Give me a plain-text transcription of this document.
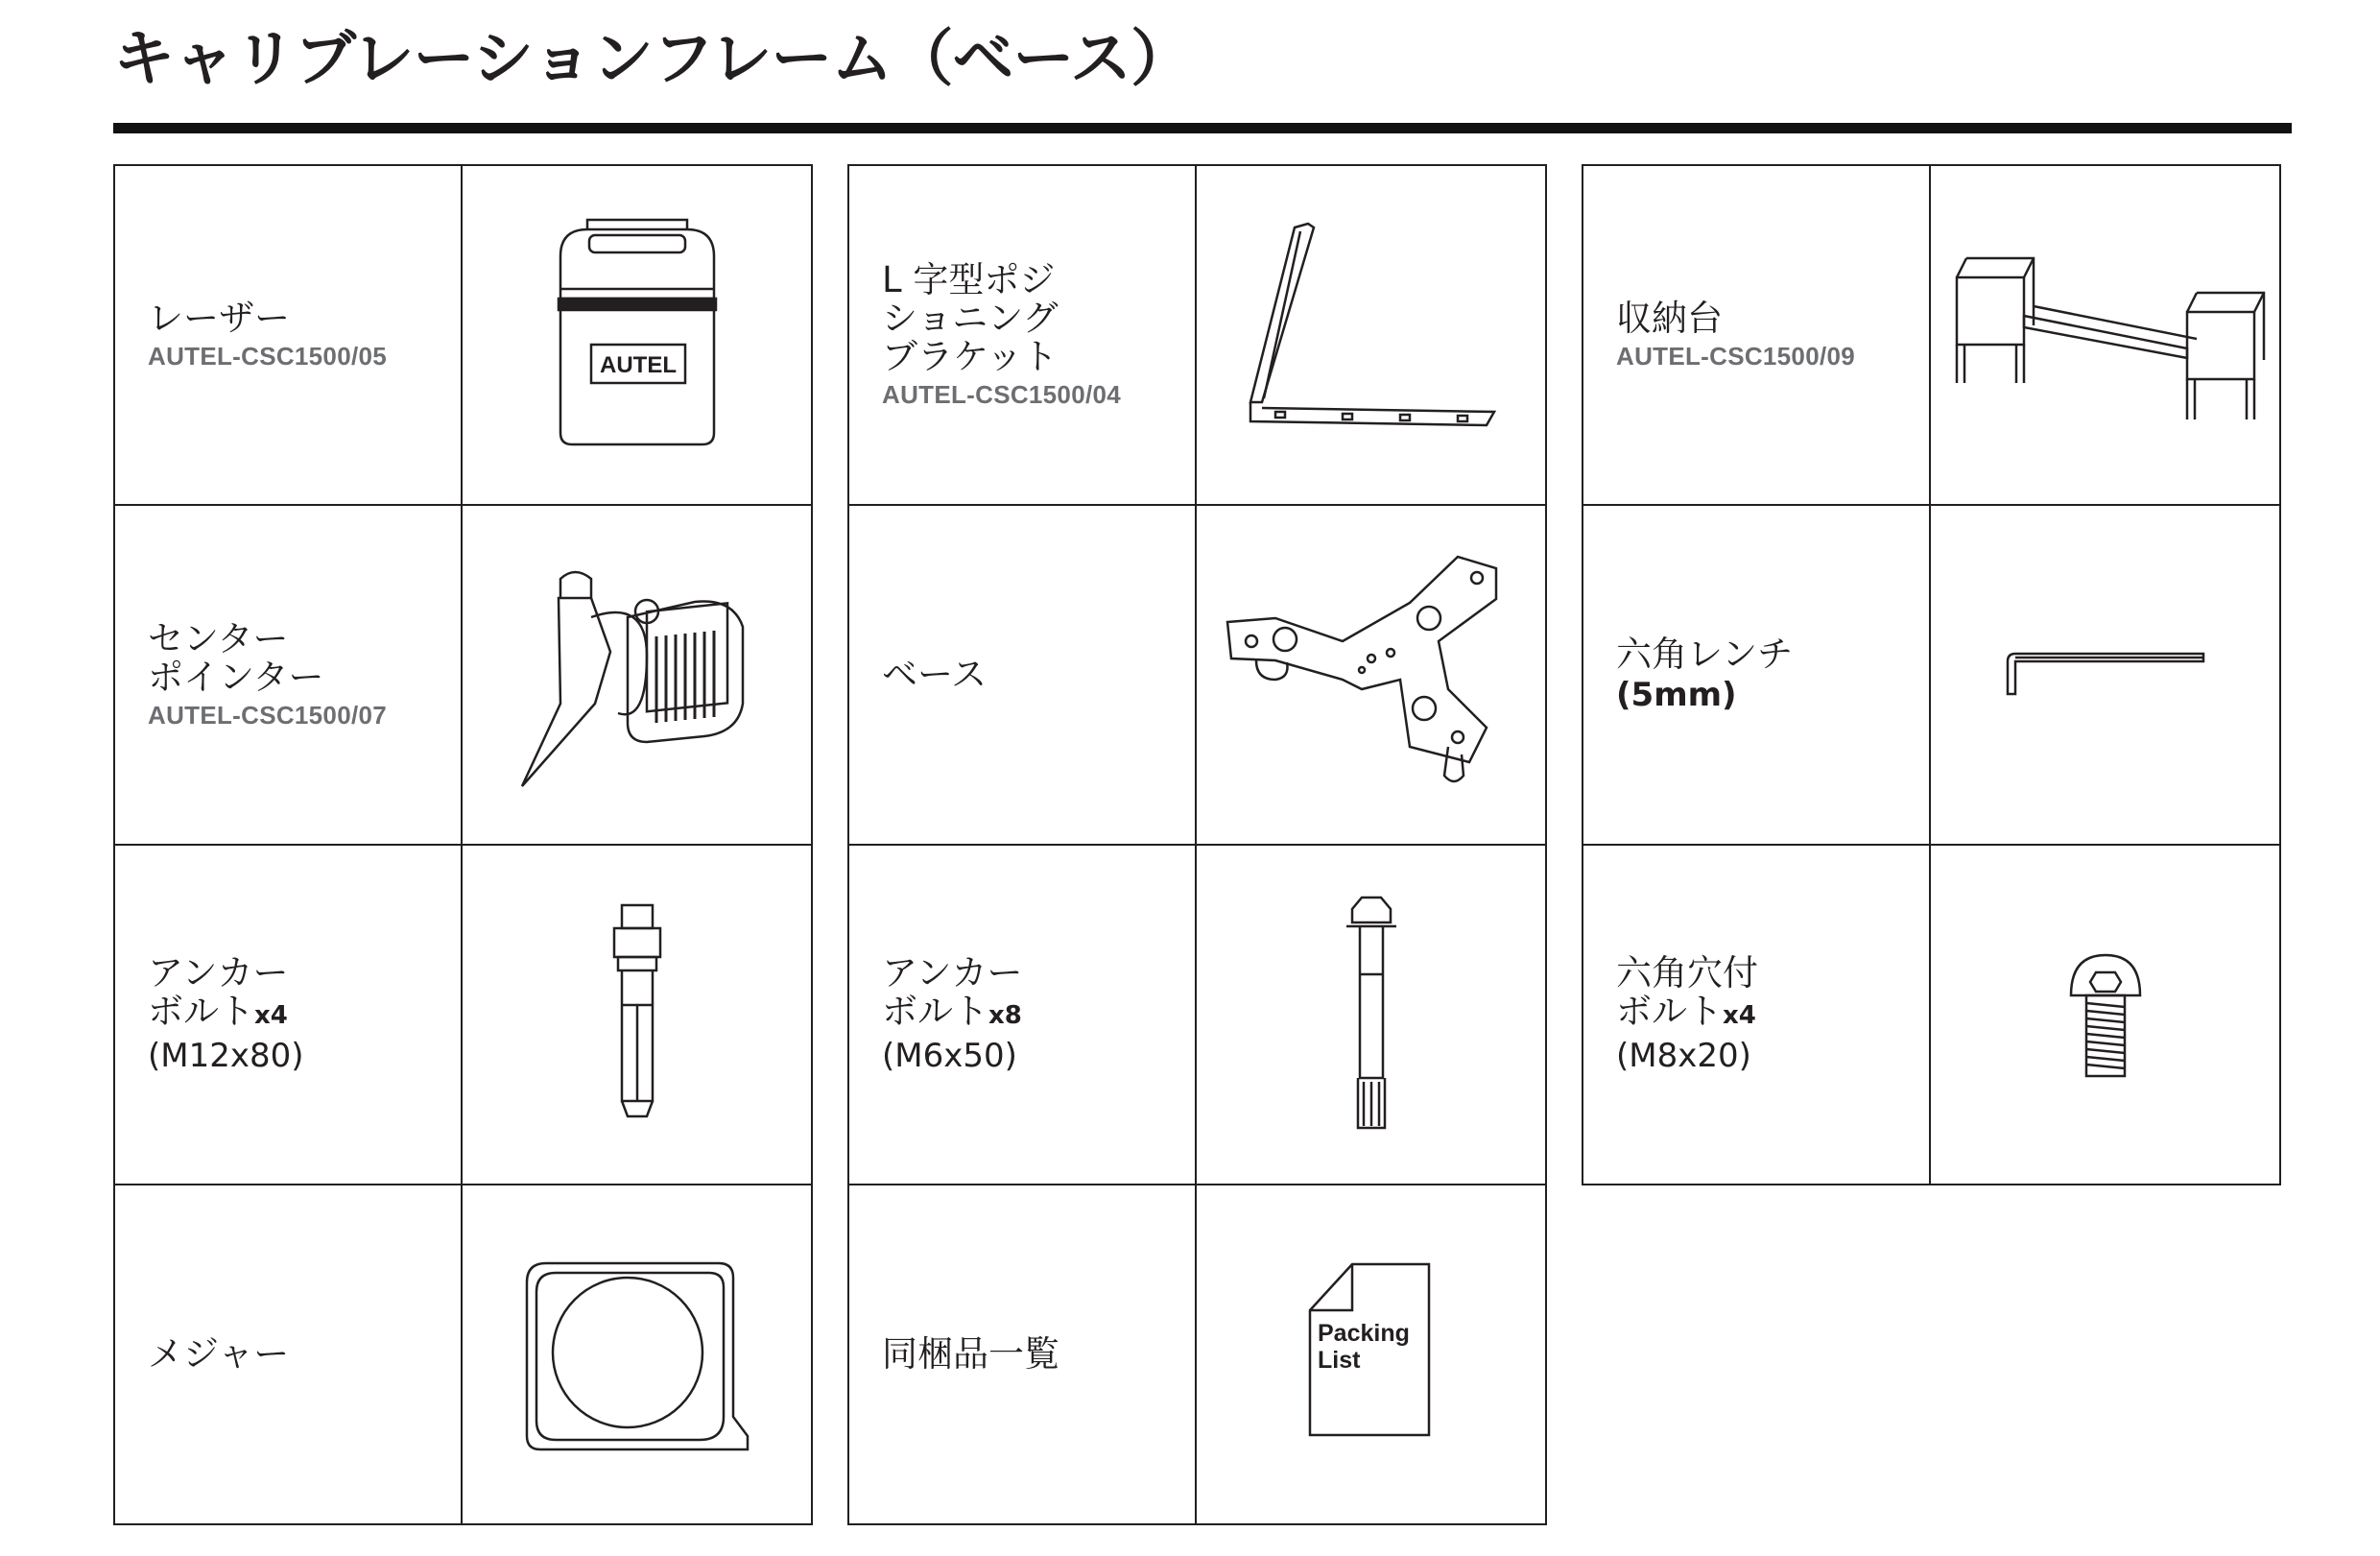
キャリブレーションフレーム（ベース）
レーザー
AUTEL-CSC1500/05	AUTEL

センター
ポインター
AUTEL-CSC1500/07

アンカー
ボルトx4
(M12x80)

メジャー

L 字型ポジ
ショニング
ブラケット
AUTEL-CSC1500/04

ベース

アンカー
ボルトx8
(M6x50)

同梱品一覧	Packing List
収納台
AUTEL-CSC1500/09

六角レンチ
(5mm)

六角穴付
ボルトx4
(M8x20)
